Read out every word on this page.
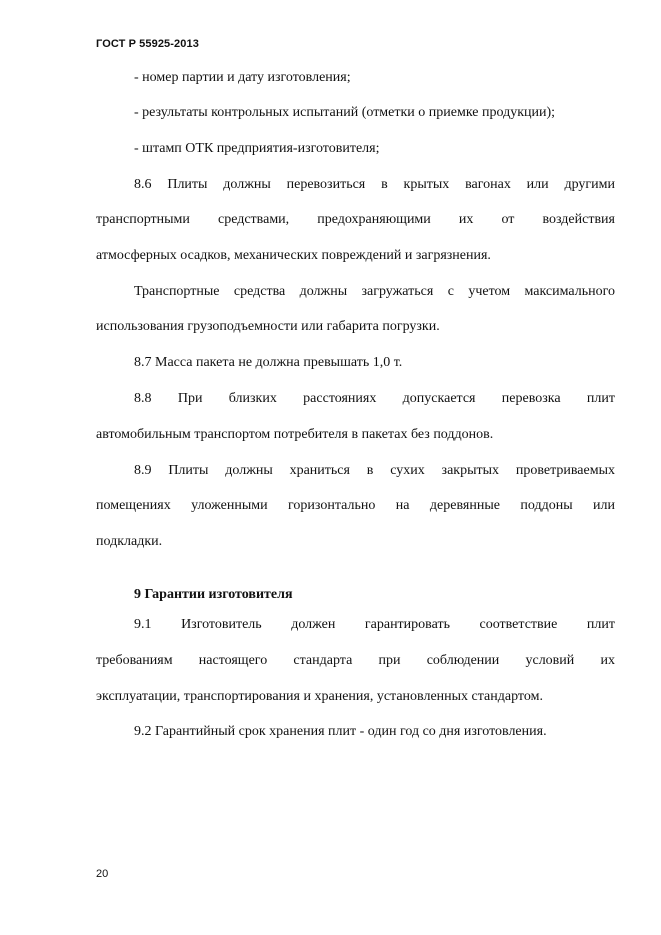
ГОСТ Р 55925-2013
- номер партии и дату изготовления;
- результаты контрольных испытаний (отметки о приемке продукции);
- штамп ОТК предприятия-изготовителя;
8.6 Плиты должны перевозиться в крытых вагонах или другими
транспортными средствами, предохраняющими их от воздействия
атмосферных осадков, механических повреждений и загрязнения.
Транспортные средства должны загружаться с учетом максимального
использования грузоподъемности или габарита погрузки.
8.7 Масса пакета не должна превышать 1,0 т.
8.8 При близких расстояниях допускается перевозка плит
автомобильным транспортом потребителя в пакетах без поддонов.
8.9 Плиты должны храниться в сухих закрытых проветриваемых
помещениях уложенными горизонтально на деревянные поддоны или
подкладки.
9 Гарантии изготовителя
9.1 Изготовитель должен гарантировать соответствие плит
требованиям настоящего стандарта при соблюдении условий их
эксплуатации, транспортирования и хранения, установленных стандартом.
9.2 Гарантийный срок хранения плит - один год со дня изготовления.
20
